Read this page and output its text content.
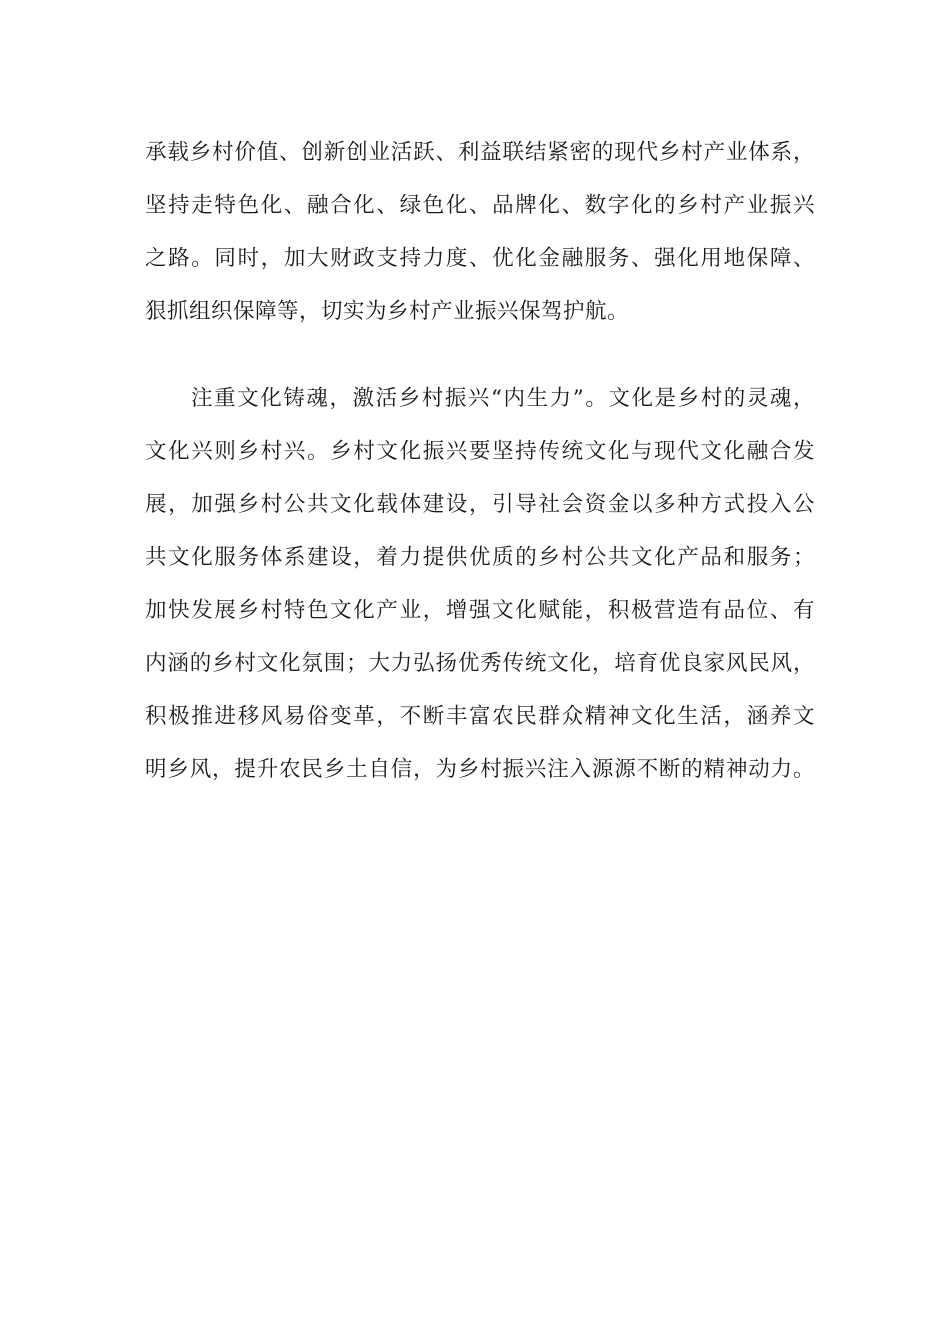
承载乡村价值、创新创业活跃、利益联结紧密的现代乡村产业体系，
坚持走特色化、融合化、绿色化、品牌化、数字化的乡村产业振兴
之路。同时，加大财政支持力度、优化金融服务、强化用地保障、
狠抓组织保障等，切实为乡村产业振兴保驾护航。
注重文化铸魂，激活乡村振兴“内生力”。文化是乡村的灵魂，
文化兴则乡村兴。乡村文化振兴要坚持传统文化与现代文化融合发
展，加强乡村公共文化载体建设，引导社会资金以多种方式投入公
共文化服务体系建设，着力提供优质的乡村公共文化产品和服务；
加快发展乡村特色文化产业，增强文化赋能，积极营造有品位、有
内涵的乡村文化氛围；大力弘扬优秀传统文化，培育优良家风民风，
积极推进移风易俗变革，不断丰富农民群众精神文化生活，涵养文
明乡风，提升农民乡土自信，为乡村振兴注入源源不断的精神动力。
